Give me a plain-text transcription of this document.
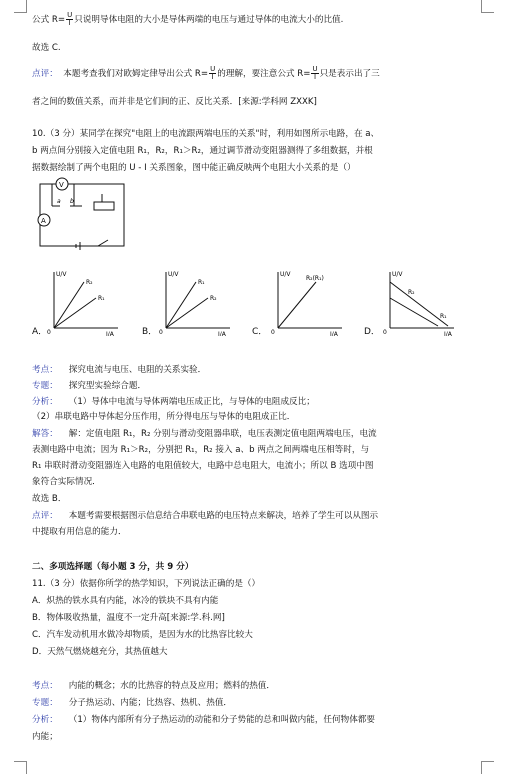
公式 $R= \frac{U}{I}$ 只说明导体电阻的大小是导体两端的电压与通过导体的电流大小的比值.
故选 C.
点评： 本题考查我们对欧姆定律导出公式 $R= \frac{U}{I}$ 的理解，要注意公式 $R= \frac{U}{I}$ 只是表示出了三
者之间的数值关系，而并非是它们间的正、反比关系．[来源:学科网 ZXXK]
10.（3 分）某同学在探究"电阻上的电流跟两端电压的关系"时，利用如图所示电路，在 a、
b 两点间分别接入定值电阻 R₁，R₂，R₁＞R₂，通过调节滑动变阻器测得了多组数据，并根
据数据绘制了两个电阻的 U - I 关系图象，图中能正确反映两个电阻大小关系的是（）
V
A
a b
A．
U/V
I/A
0
R₂
R₁
B．
U/V
I/A
0
R₁
R₂
C．
U/V
I/A
0
R₂(R₁)
D．
U/V
I/A
0
R₂
R₁
考点： 探究电流与电压、电阻的关系实验．
专题： 探究型实验综合题．
分析： （1）导体中电流与导体两端电压成正比，与导体的电阻成反比；
（2）串联电路中导体起分压作用，所分得电压与导体的电阻成正比．
解答： 解：定值电阻 R₁，R₂ 分别与滑动变阻器串联，电压表测定值电阻两端电压，电流
表测电路中电流；因为 R₁＞R₂，分别把 R₁，R₂ 接入 a、b 两点之间两端电压相等时，与
R₁ 串联时滑动变阻器连入电路的电阻值较大，电路中总电阻大，电流小；所以 B 选项中图
象符合实际情况．
故选 B．
点评： 本题考需要根据图示信息结合串联电路的电压特点来解决，培养了学生可以从图示
中提取有用信息的能力．
二、多项选择题（每小题 3 分，共 9 分）
11.（3 分）依据你所学的热学知识，下列说法正确的是（）
A．炽热的铁水具有内能，冰冷的铁块不具有内能
B．物体吸收热量，温度不一定升高[来源:学.科.网]
C．汽车发动机用水做冷却物质，是因为水的比热容比较大
D．天然气燃烧越充分，其热值越大
考点： 内能的概念；水的比热容的特点及应用；燃料的热值．
专题： 分子热运动、内能；比热容、热机、热值．
分析： （1）物体内部所有分子热运动的动能和分子势能的总和叫做内能，任何物体都要
内能；
